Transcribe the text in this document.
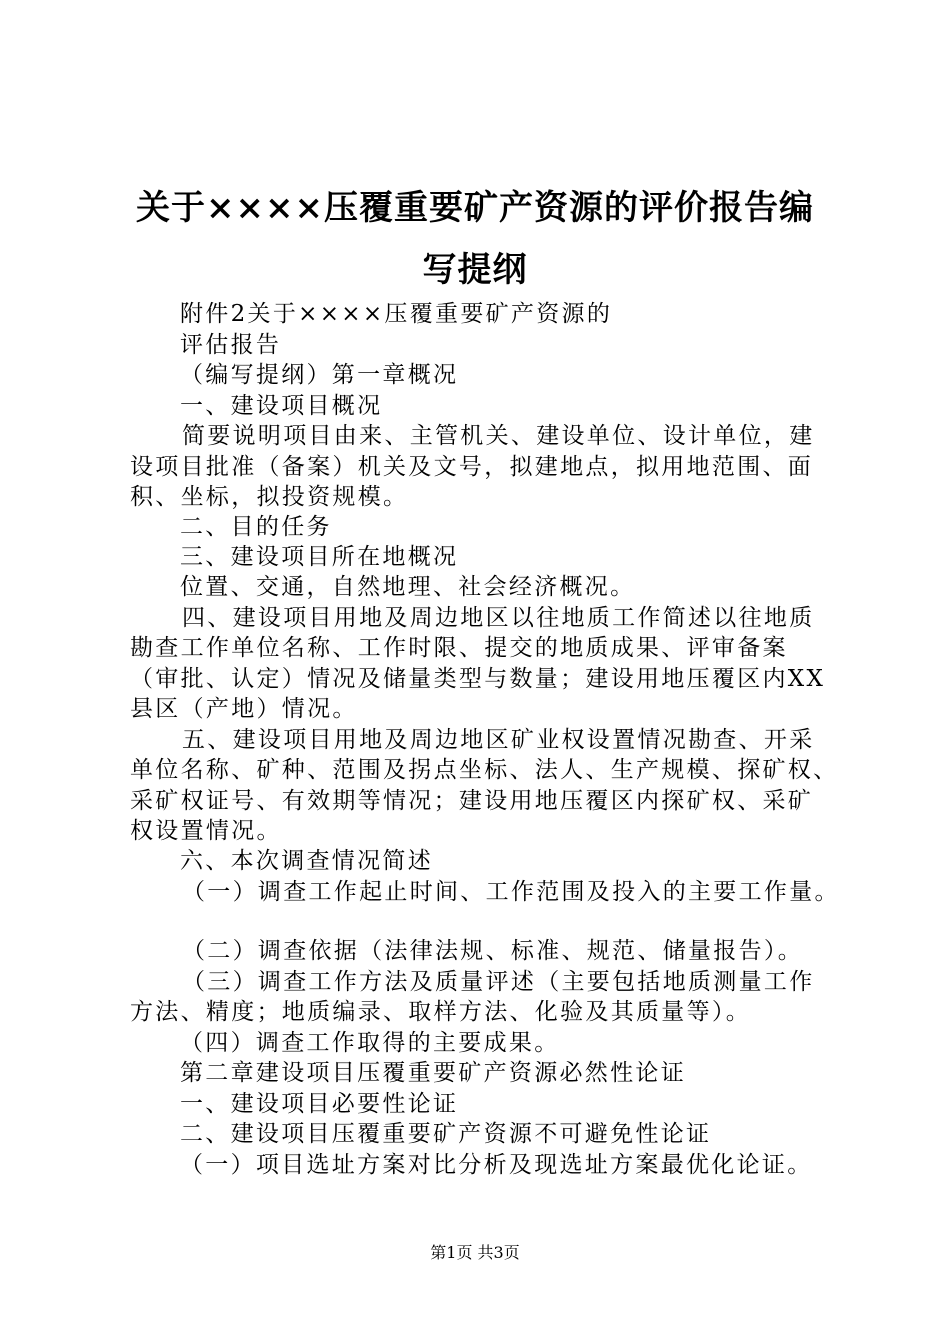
关于××××压覆重要矿产资源的评价报告编
写提纲
附件2关于××××压覆重要矿产资源的
评估报告
（编写提纲）第一章概况
一、建设项目概况
简要说明项目由来、主管机关、建设单位、设计单位，建
设项目批准（备案）机关及文号，拟建地点，拟用地范围、面
积、坐标，拟投资规模。
二、目的任务
三、建设项目所在地概况
位置、交通，自然地理、社会经济概况。
四、建设项目用地及周边地区以往地质工作简述以往地质
勘查工作单位名称、工作时限、提交的地质成果、评审备案
（审批、认定）情况及储量类型与数量；建设用地压覆区内XX
县区（产地）情况。
五、建设项目用地及周边地区矿业权设置情况勘查、开采
单位名称、矿种、范围及拐点坐标、法人、生产规模、探矿权、
采矿权证号、有效期等情况；建设用地压覆区内探矿权、采矿
权设置情况。
六、本次调查情况简述
（一）调查工作起止时间、工作范围及投入的主要工作量。
（二）调查依据（法律法规、标准、规范、储量报告）。
（三）调查工作方法及质量评述（主要包括地质测量工作
方法、精度；地质编录、取样方法、化验及其质量等）。
（四）调查工作取得的主要成果。
第二章建设项目压覆重要矿产资源必然性论证
一、建设项目必要性论证
二、建设项目压覆重要矿产资源不可避免性论证
（一）项目选址方案对比分析及现选址方案最优化论证。
第1页 共3页
